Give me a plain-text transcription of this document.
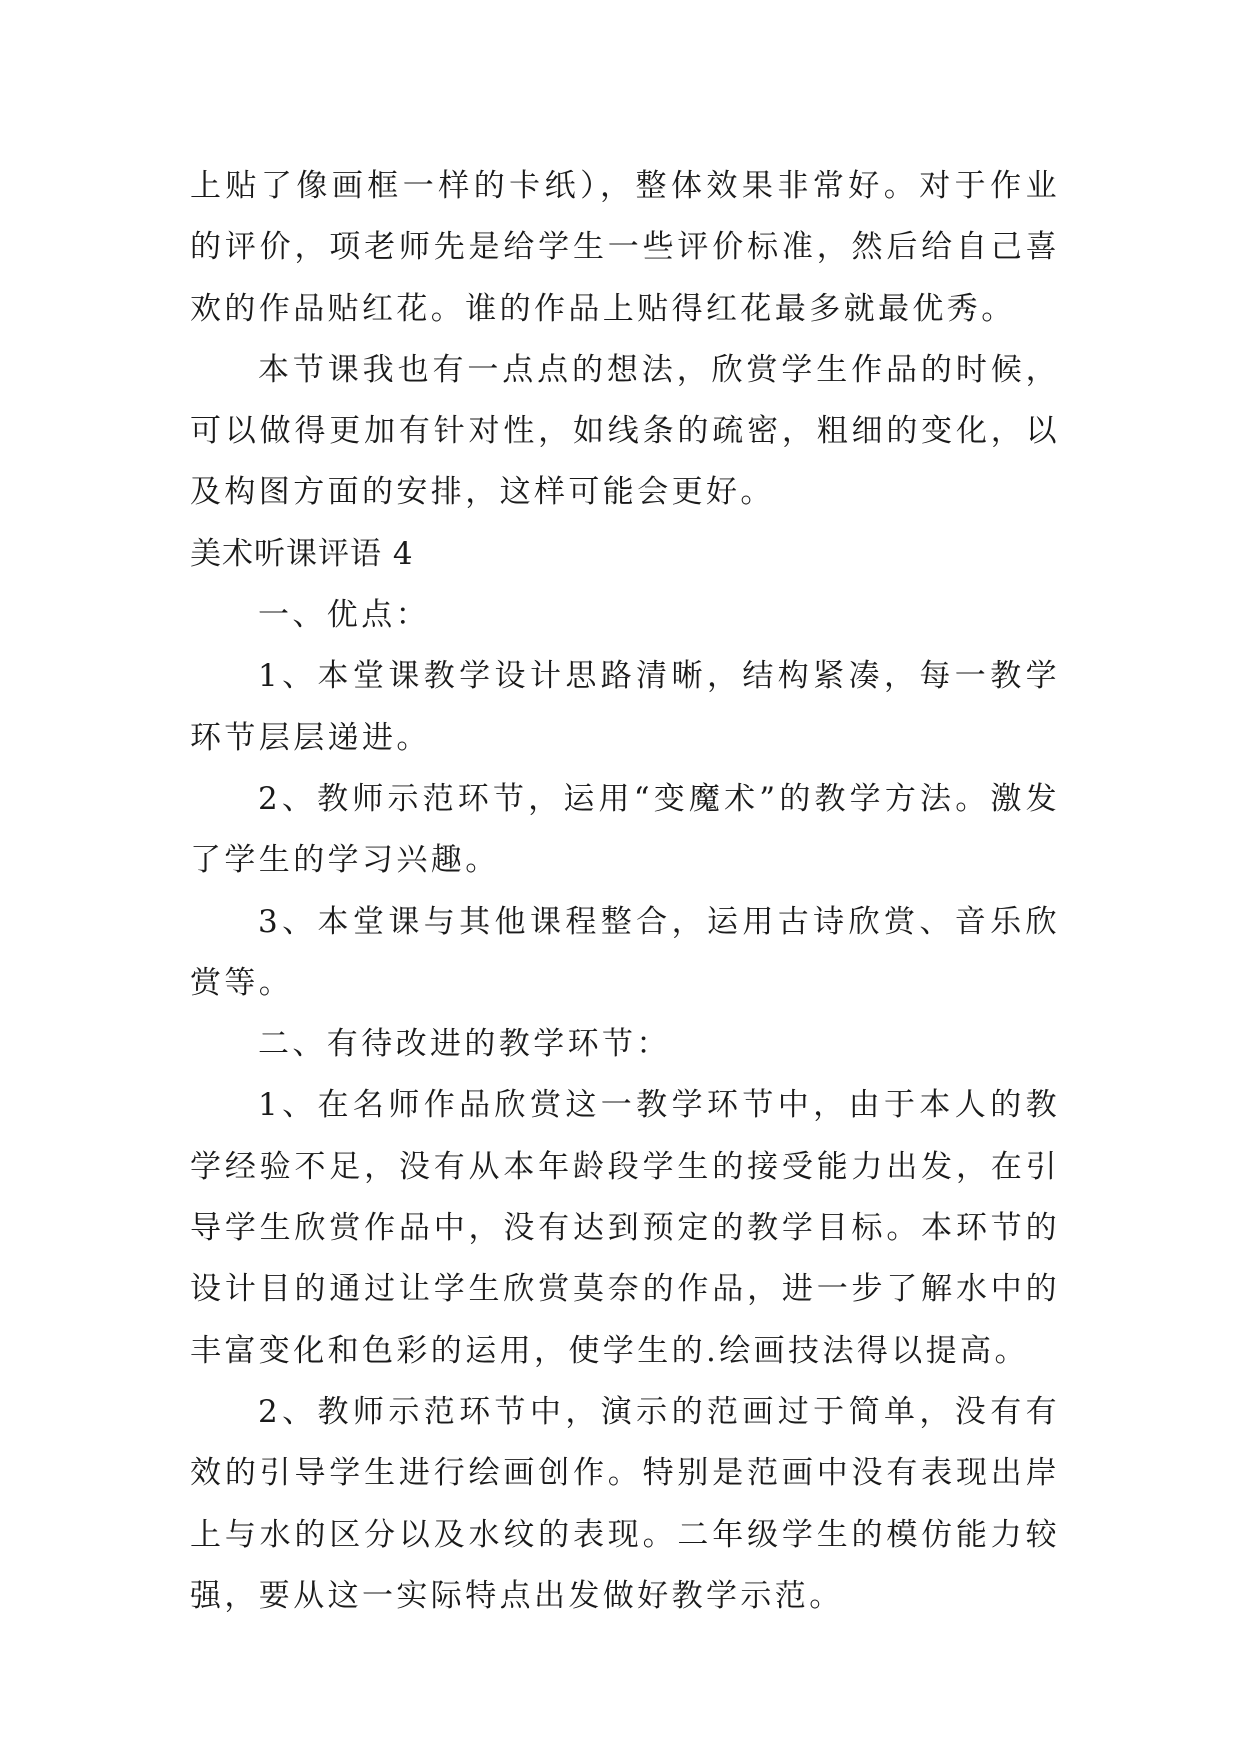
上贴了像画框一样的卡纸），整体效果非常好。对于作业的评价，项老师先是给学生一些评价标准，然后给自己喜欢的作品贴红花。谁的作品上贴得红花最多就最优秀。

本节课我也有一点点的想法，欣赏学生作品的时候，可以做得更加有针对性，如线条的疏密，粗细的变化，以及构图方面的安排，这样可能会更好。

美术听课评语 4

一、优点：

1、本堂课教学设计思路清晰，结构紧凑，每一教学环节层层递进。

2、教师示范环节，运用“变魔术”的教学方法。激发了学生的学习兴趣。

3、本堂课与其他课程整合，运用古诗欣赏、音乐欣赏等。

二、有待改进的教学环节：

1、在名师作品欣赏这一教学环节中，由于本人的教学经验不足，没有从本年龄段学生的接受能力出发，在引导学生欣赏作品中，没有达到预定的教学目标。本环节的设计目的通过让学生欣赏莫奈的作品，进一步了解水中的丰富变化和色彩的运用，使学生的.绘画技法得以提高。

2、教师示范环节中，演示的范画过于简单，没有有效的引导学生进行绘画创作。特别是范画中没有表现出岸上与水的区分以及水纹的表现。二年级学生的模仿能力较强，要从这一实际特点出发做好教学示范。
